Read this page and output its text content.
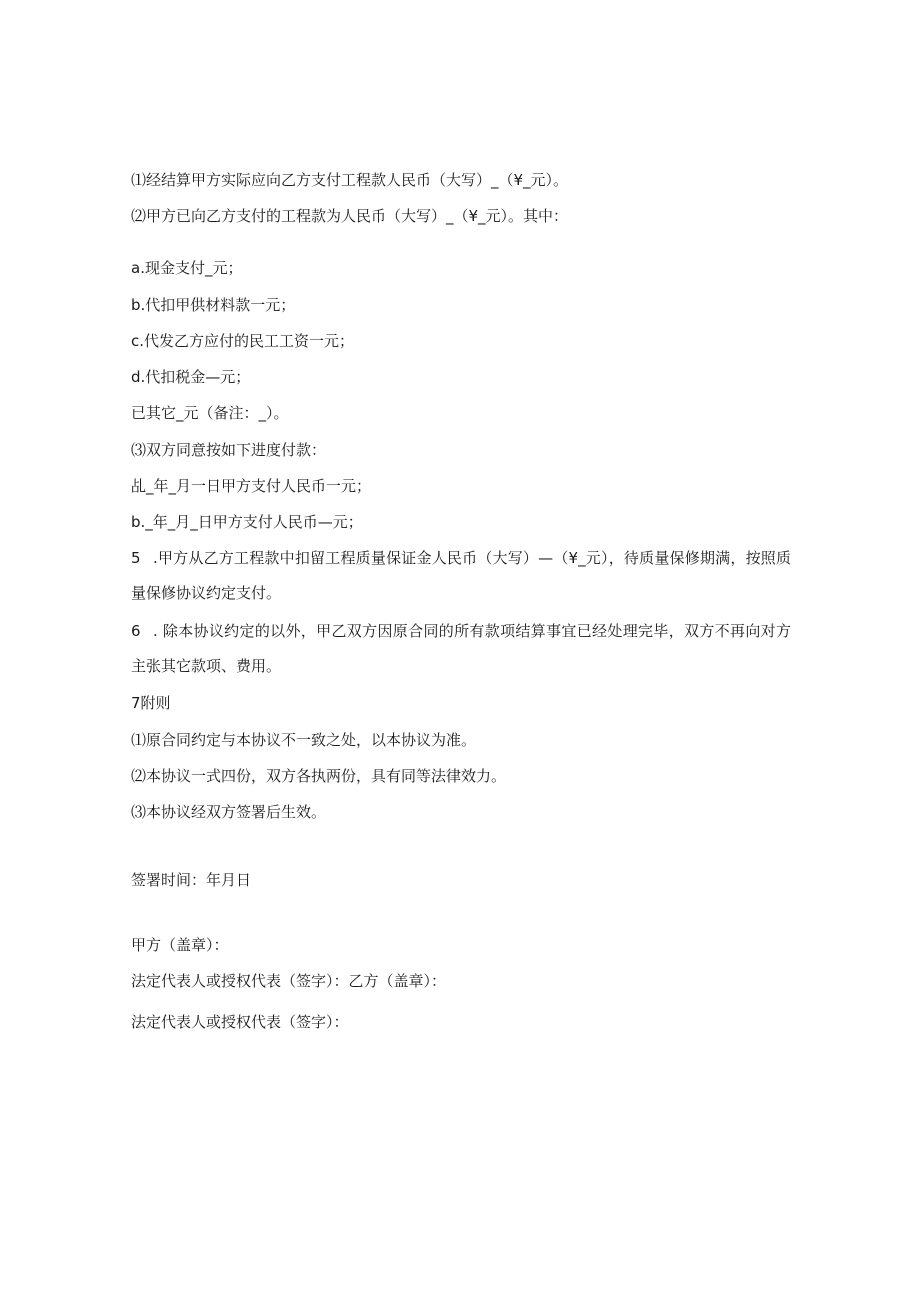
⑴经结算甲方实际应向乙方支付工程款人民币（大写）_（¥_元）。
⑵甲方已向乙方支付的工程款为人民币（大写）_（¥_元）。其中：
a.现金支付_元；
b.代扣甲供材料款一元；
c.代发乙方应付的民工工资一元；
d.代扣税金—元；
已其它_元（备注：_）。
⑶双方同意按如下进度付款：
乩_年_月一日甲方支付人民币一元；
b._年_月_日甲方支付人民币—元；
5 .甲方从乙方工程款中扣留工程质量保证金人民币（大写）—（¥_元），待质量保修期满，按照质量保修协议约定支付。
6 . 除本协议约定的以外，甲乙双方因原合同的所有款项结算事宜已经处理完毕，双方不再向对方主张其它款项、费用。
7附则
⑴原合同约定与本协议不一致之处，以本协议为准。
⑵本协议一式四份，双方各执两份，具有同等法律效力。
⑶本协议经双方签署后生效。
签署时间：年月日
甲方（盖章）：
法定代表人或授权代表（签字）：乙方（盖章）：
法定代表人或授权代表（签字）：
